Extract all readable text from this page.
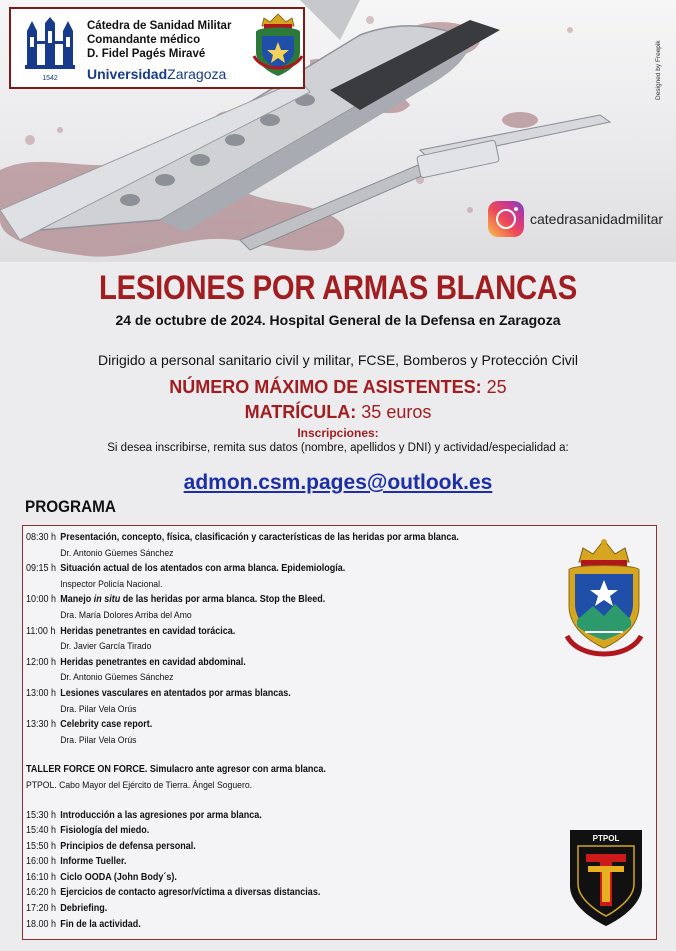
1542
Cátedra de Sanidad Militar
Comandante médico
D. Fidel Pagés Miravé
UniversidadZaragoza	Designed by Freepik
catedrasanidadmilitar
LESIONES POR ARMAS BLANCAS
24 de octubre de 2024. Hospital General de la Defensa en Zaragoza
Dirigido a personal sanitario civil y militar, FCSE, Bomberos y Protección Civil
NÚMERO MÁXIMO DE ASISTENTES: 25
MATRÍCULA: 35 euros
Inscripciones:
Si desea inscribirse, remita sus datos (nombre, apellidos y DNI) y actividad/especialidad a:
admon.csm.pages@outlook.es
PROGRAMA
08:30 h Presentación, concepto, física, clasificación y características de las heridas por arma blanca.
Dr. Antonio Güemes Sánchez
09:15 h Situación actual de los atentados con arma blanca. Epidemiología.
Inspector Policía Nacional.
10:00 h Manejo in situ de las heridas por arma blanca. Stop the Bleed.
Dra. María Dolores Arriba del Amo
11:00 h Heridas penetrantes en cavidad torácica.
Dr. Javier García Tirado
12:00 h Heridas penetrantes en cavidad abdominal.
Dr. Antonio Güemes Sánchez
13:00 h Lesiones vasculares en atentados por armas blancas.
Dra. Pilar Vela Orús
13:30 h Celebrity case report.
Dra. Pilar Vela Orús
TALLER FORCE ON FORCE. Simulacro ante agresor con arma blanca.
PTPOL. Cabo Mayor del Ejército de Tierra. Ángel Soguero.
15:30 h Introducción a las agresiones por arma blanca.
15:40 h Fisiología del miedo.
15:50 h Principios de defensa personal.
16:00 h Informe Tueller.
16:10 h Ciclo OODA (John Body´s).
16:20 h Ejercicios de contacto agresor/víctima a diversas distancias.
17:20 h Debriefing.
18.00 h Fin de la actividad.
PTPOL
